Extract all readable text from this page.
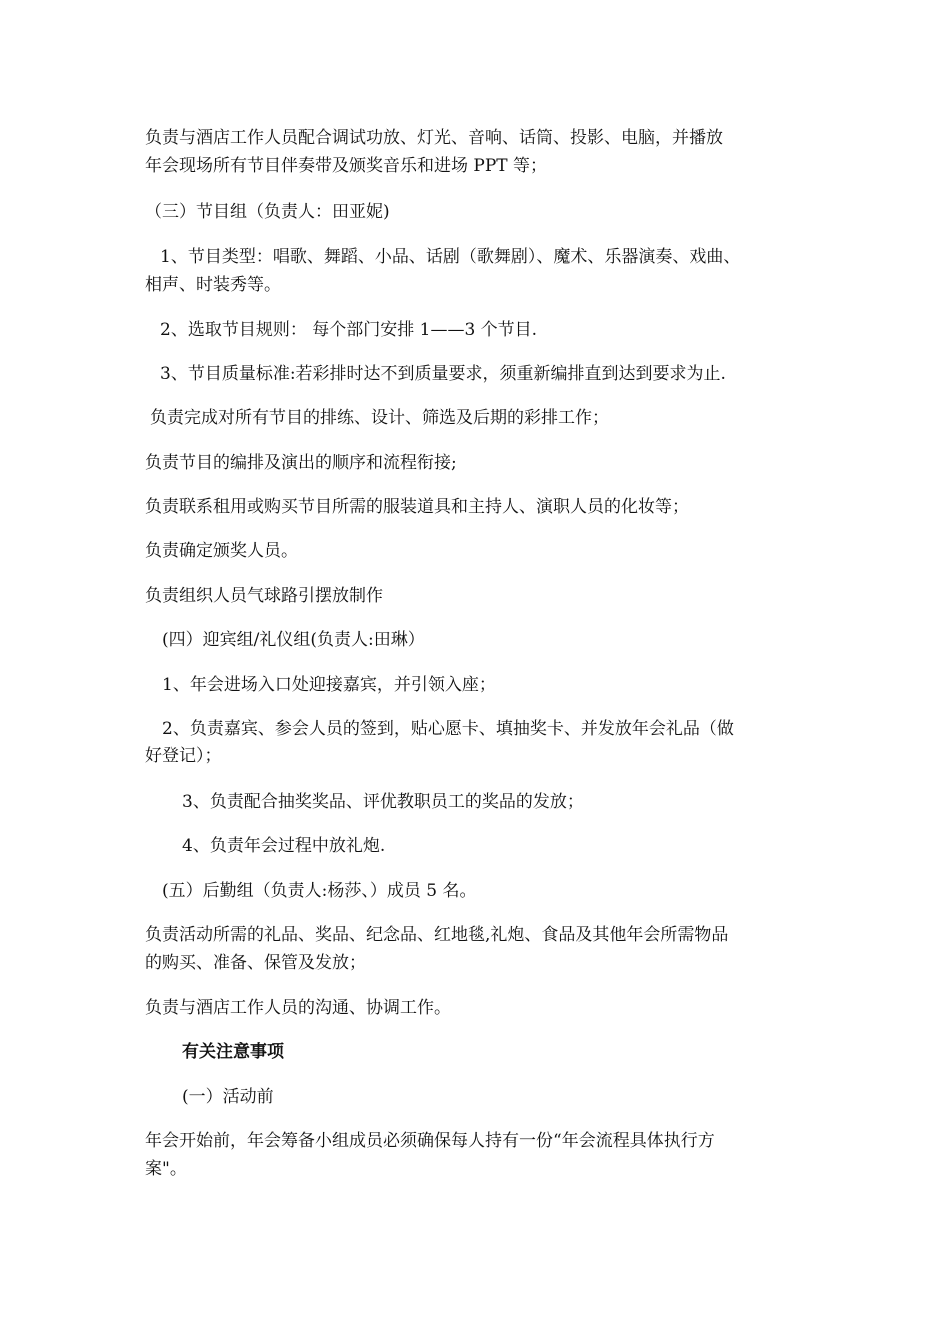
负责与酒店工作人员配合调试功放、灯光、音响、话筒、投影、电脑，并播放
年会现场所有节目伴奏带及颁奖音乐和进场 PPT 等；
（三）节目组（负责人：田亚妮)
1、节目类型：唱歌、舞蹈、小品、话剧（歌舞剧）、魔术、乐器演奏、戏曲、
相声、时装秀等。
2、选取节目规则： 每个部门安排 1——3 个节目.
3、节目质量标准:若彩排时达不到质量要求，须重新编排直到达到要求为止.
负责完成对所有节目的排练、设计、筛选及后期的彩排工作；
负责节目的编排及演出的顺序和流程衔接;
负责联系租用或购买节目所需的服装道具和主持人、演职人员的化妆等；
负责确定颁奖人员。
负责组织人员气球路引摆放制作
(四）迎宾组/礼仪组(负责人:田琳）
1、年会进场入口处迎接嘉宾，并引领入座；
2、负责嘉宾、参会人员的签到，贴心愿卡、填抽奖卡、并发放年会礼品（做
好登记）；
3、负责配合抽奖奖品、评优教职员工的奖品的发放；
4、负责年会过程中放礼炮.
(五）后勤组（负责人:杨莎、）成员 5 名。
负责活动所需的礼品、奖品、纪念品、红地毯,礼炮、食品及其他年会所需物品
的购买、准备、保管及发放；
负责与酒店工作人员的沟通、协调工作。
有关注意事项
(一）活动前
年会开始前，年会筹备小组成员必须确保每人持有一份“年会流程具体执行方
案"。
